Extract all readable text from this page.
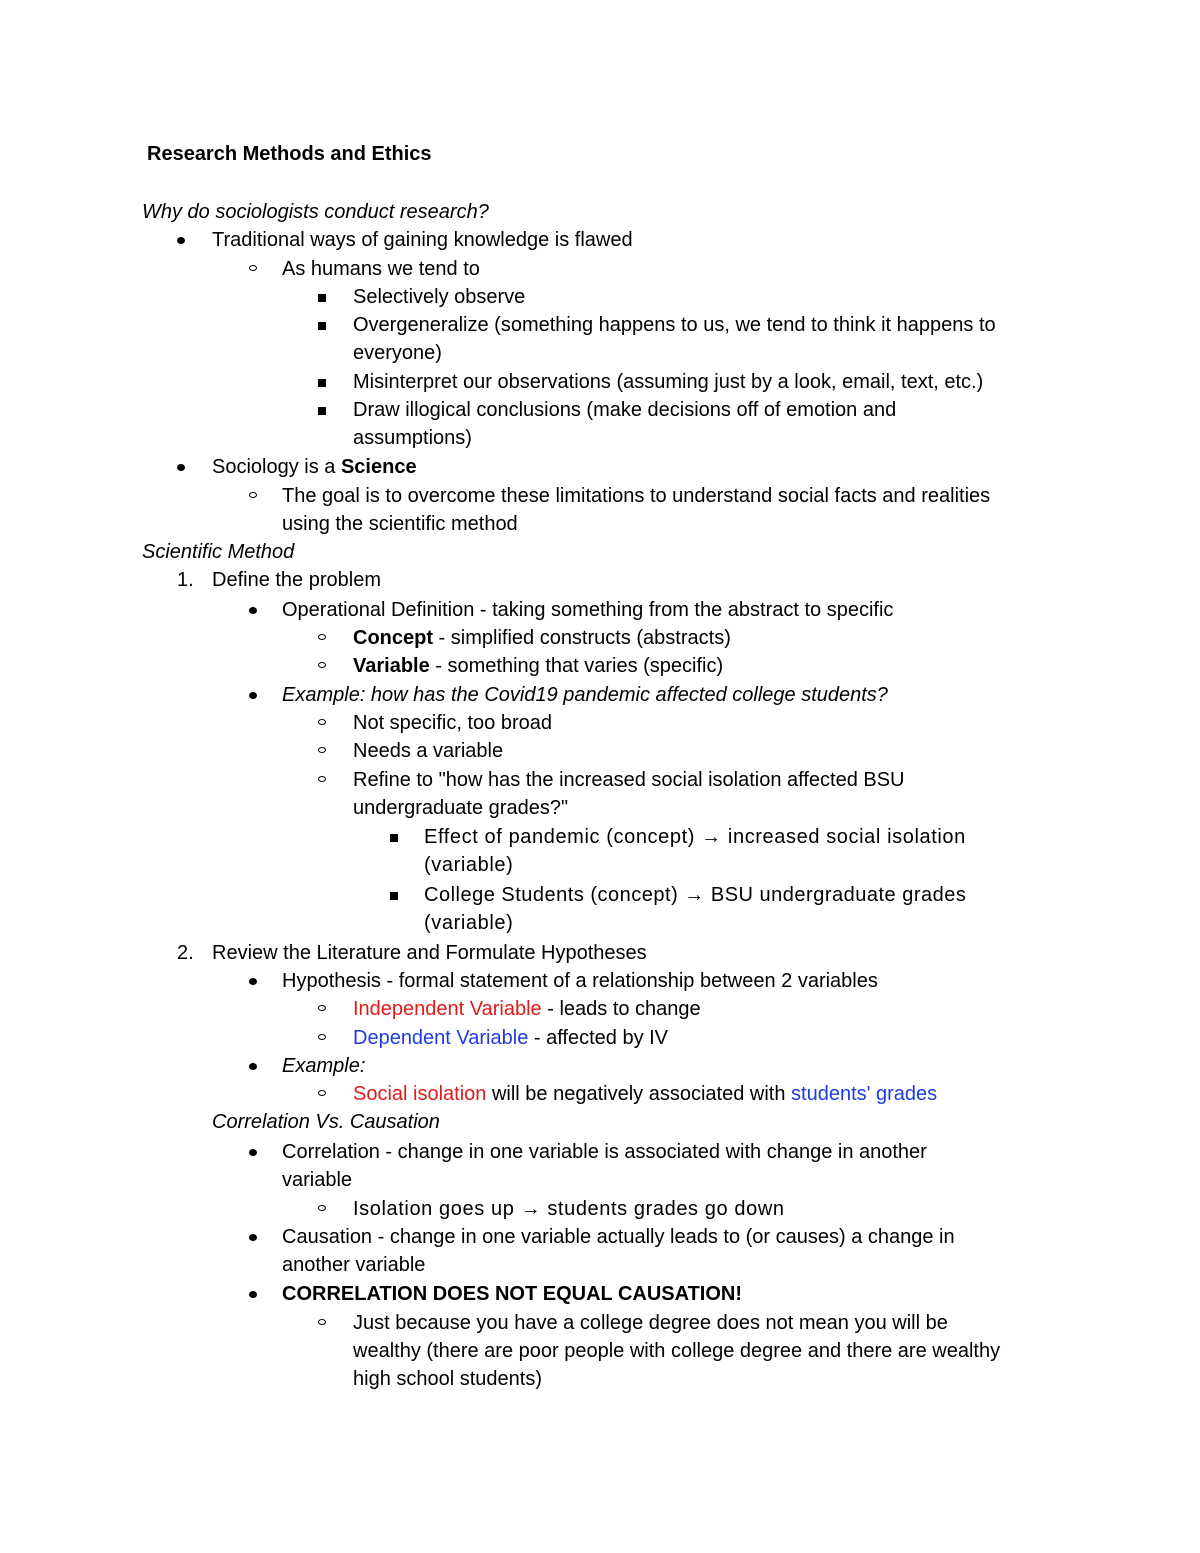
Research Methods and Ethics
Why do sociologists conduct research?
Traditional ways of gaining knowledge is flawed
As humans we tend to
Selectively observe
Overgeneralize (something happens to us, we tend to think it happens to
everyone)
Misinterpret our observations (assuming just by a look, email, text, etc.)
Draw illogical conclusions (make decisions off of emotion and
assumptions)
Sociology is a Science
The goal is to overcome these limitations to understand social facts and realities
using the scientific method
Scientific Method
1. Define the problem
Operational Definition - taking something from the abstract to specific
Concept - simplified constructs (abstracts)
Variable - something that varies (specific)
Example: how has the Covid19 pandemic affected college students?
Not specific, too broad
Needs a variable
Refine to "how has the increased social isolation affected BSU
undergraduate grades?"
Effect of pandemic (concept) → increased social isolation
(variable)
College Students (concept) → BSU undergraduate grades
(variable)
2. Review the Literature and Formulate Hypotheses
Hypothesis - formal statement of a relationship between 2 variables
Independent Variable - leads to change
Dependent Variable - affected by IV
Example:
Social isolation will be negatively associated with students' grades
Correlation Vs. Causation
Correlation - change in one variable is associated with change in another
variable
Isolation goes up → students grades go down
Causation - change in one variable actually leads to (or causes) a change in
another variable
CORRELATION DOES NOT EQUAL CAUSATION!
Just because you have a college degree does not mean you will be
wealthy (there are poor people with college degree and there are wealthy
high school students)
